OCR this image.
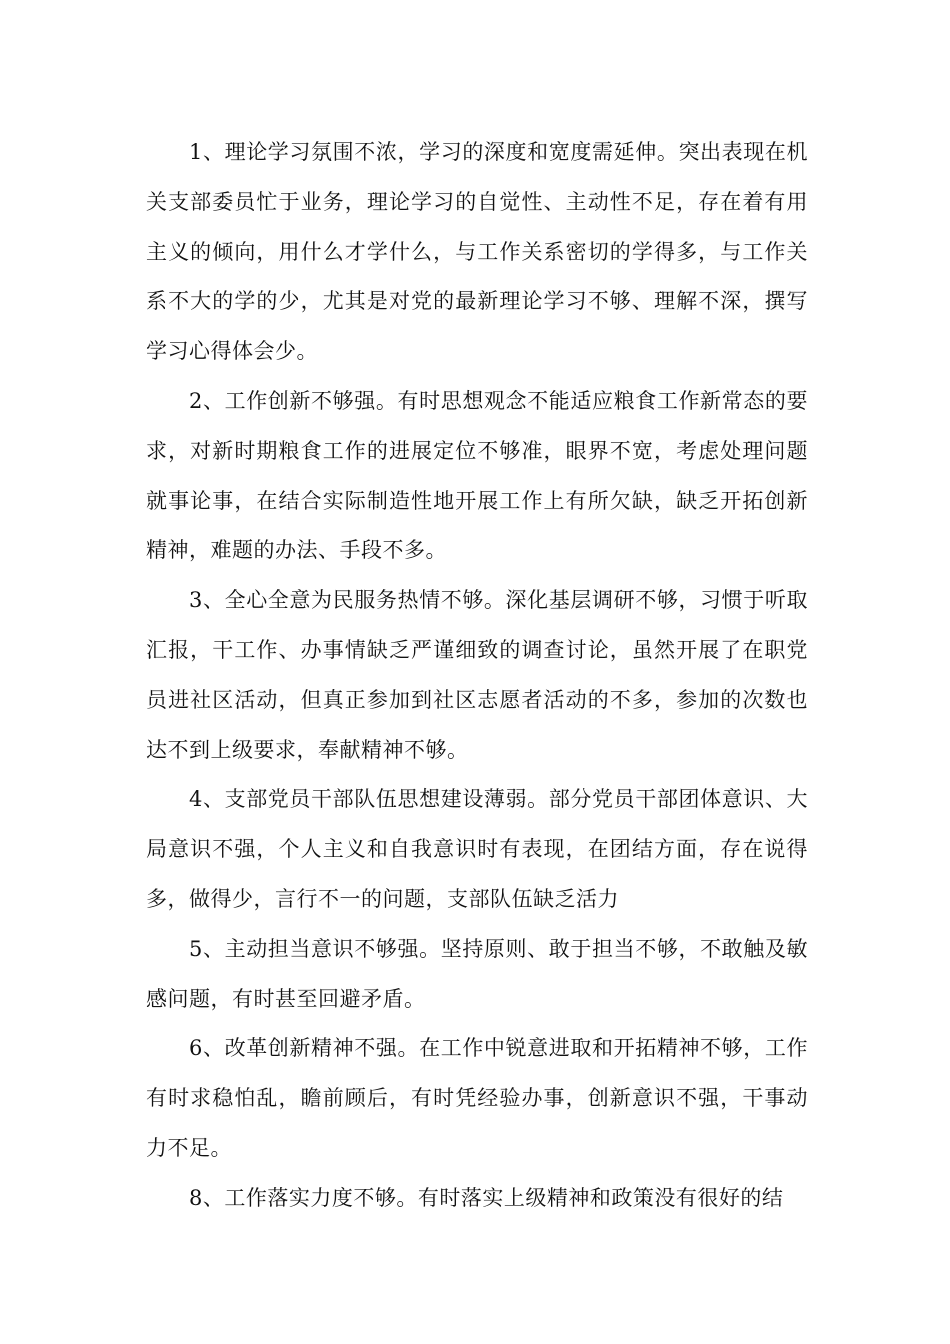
1、理论学习氛围不浓，学习的深度和宽度需延伸。突出表现在机关支部委员忙于业务，理论学习的自觉性、主动性不足，存在着有用主义的倾向，用什么才学什么，与工作关系密切的学得多，与工作关系不大的学的少，尤其是对党的最新理论学习不够、理解不深，撰写学习心得体会少。

2、工作创新不够强。有时思想观念不能适应粮食工作新常态的要求，对新时期粮食工作的进展定位不够准，眼界不宽，考虑处理问题就事论事，在结合实际制造性地开展工作上有所欠缺，缺乏开拓创新精神，难题的办法、手段不多。

3、全心全意为民服务热情不够。深化基层调研不够，习惯于听取汇报，干工作、办事情缺乏严谨细致的调查讨论，虽然开展了在职党员进社区活动，但真正参加到社区志愿者活动的不多，参加的次数也达不到上级要求，奉献精神不够。

4、支部党员干部队伍思想建设薄弱。部分党员干部团体意识、大局意识不强，个人主义和自我意识时有表现，在团结方面，存在说得多，做得少，言行不一的问题，支部队伍缺乏活力

5、主动担当意识不够强。坚持原则、敢于担当不够，不敢触及敏感问题，有时甚至回避矛盾。

6、改革创新精神不强。在工作中锐意进取和开拓精神不够，工作有时求稳怕乱，瞻前顾后，有时凭经验办事，创新意识不强，干事动力不足。

8、工作落实力度不够。有时落实上级精神和政策没有很好的结
